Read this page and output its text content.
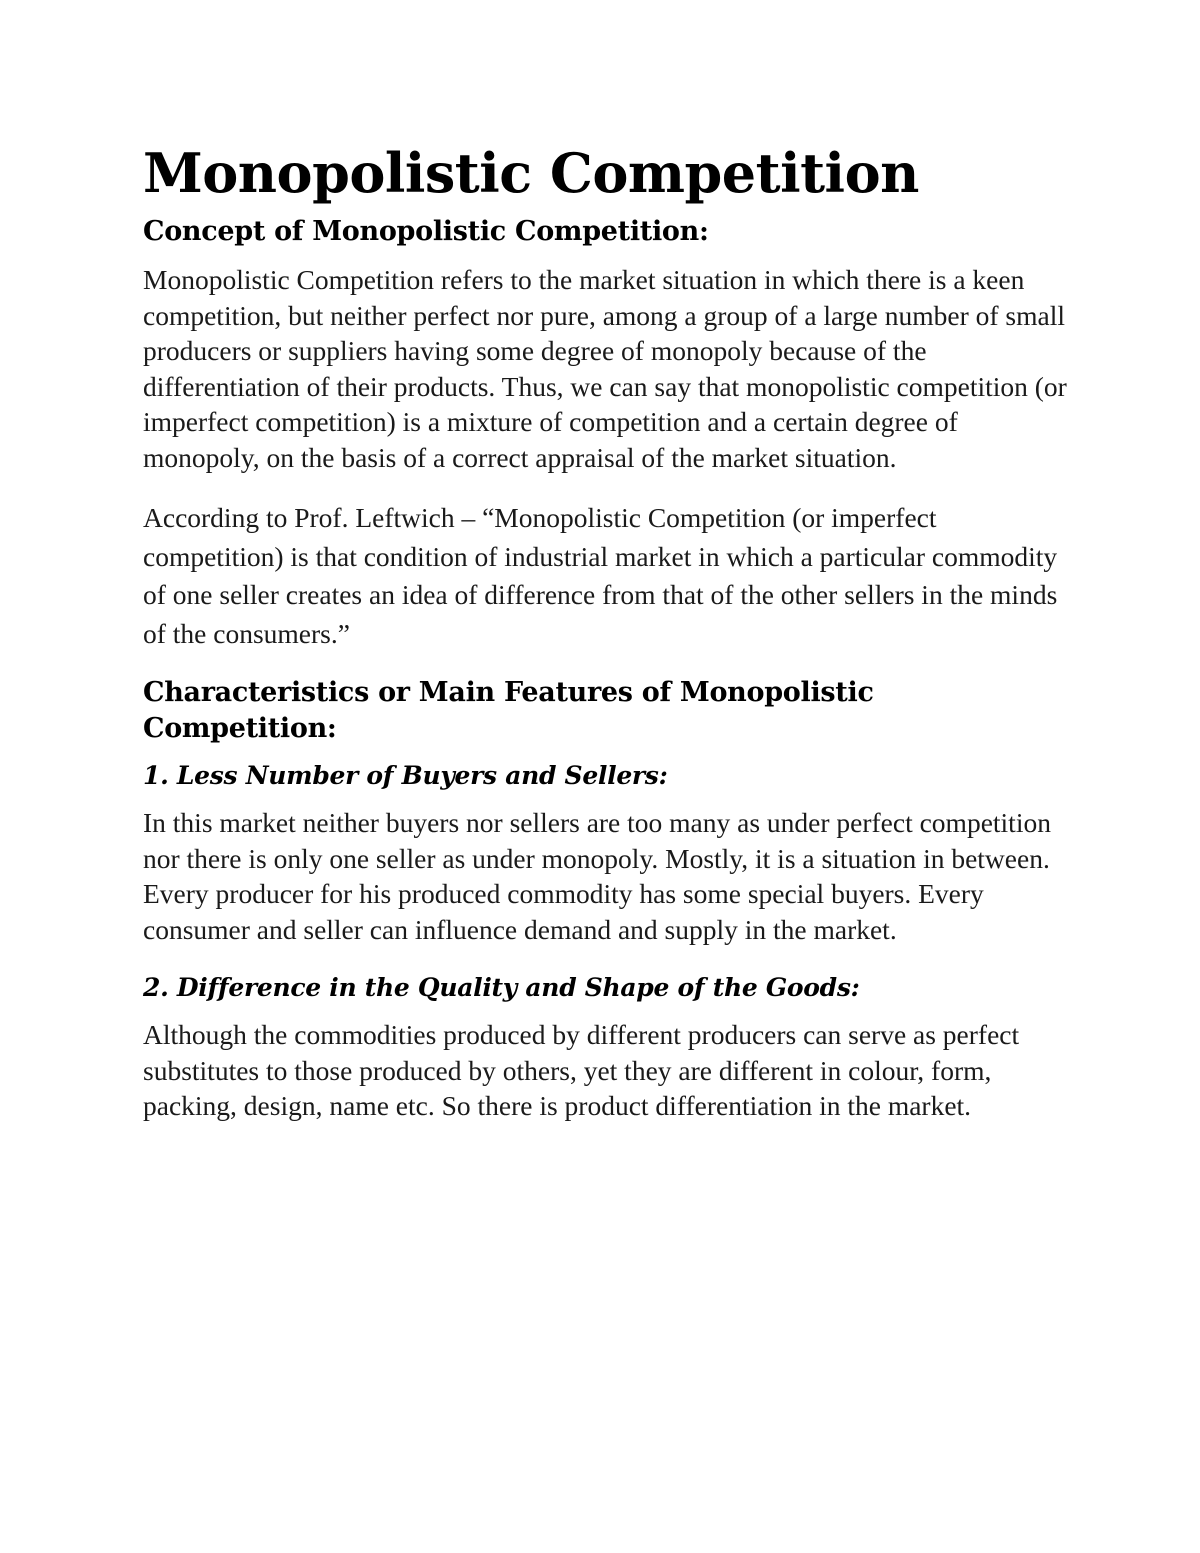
Monopolistic Competition
Concept of Monopolistic Competition:

Monopolistic Competition refers to the market situation in which there is a keen competition, but neither perfect nor pure, among a group of a large number of small producers or suppliers having some degree of monopoly because of the differentiation of their products. Thus, we can say that monopolistic competition (or imperfect competition) is a mixture of competition and a certain degree of monopoly, on the basis of a correct appraisal of the market situation.

According to Prof. Leftwich – “Monopolistic Competition (or imperfect competition) is that condition of industrial market in which a particular commodity of one seller creates an idea of difference from that of the other sellers in the minds of the consumers.”

Characteristics or Main Features of Monopolistic Competition:
1. Less Number of Buyers and Sellers:

In this market neither buyers nor sellers are too many as under perfect competition nor there is only one seller as under monopoly. Mostly, it is a situation in between. Every producer for his produced commodity has some special buyers. Every consumer and seller can influence demand and supply in the market.

2. Difference in the Quality and Shape of the Goods:

Although the commodities produced by different producers can serve as perfect substitutes to those produced by others, yet they are different in colour, form, packing, design, name etc. So there is product differentiation in the market.
